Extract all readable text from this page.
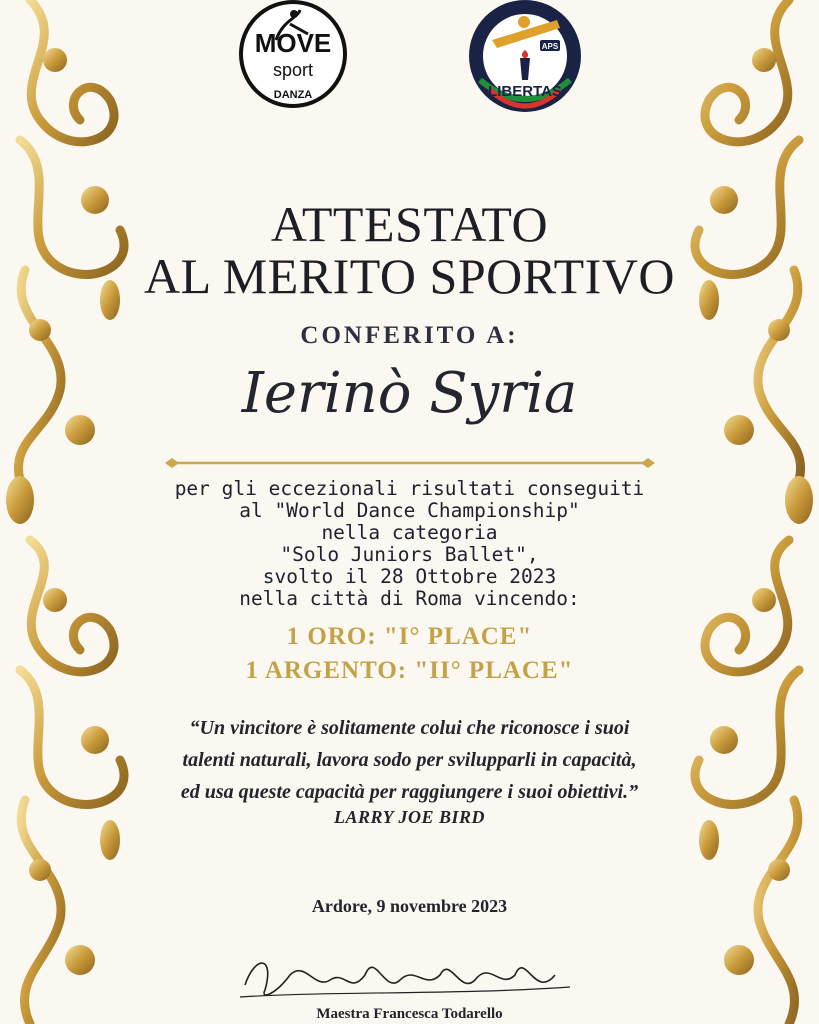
MOVE
sport
DANZA
APS
LIBERTAS
ATTESTATO
AL MERITO SPORTIVO
CONFERITO A:
Ierinò Syria
per gli eccezionali risultati conseguiti
al "World Dance Championship"
nella categoria
"Solo Juniors Ballet",
svolto il 28 Ottobre 2023
nella città di Roma vincendo:
1 ORO: "I° PLACE"
1 ARGENTO: "II° PLACE"
“Un vincitore è solitamente colui che riconosce i suoi
talenti naturali, lavora sodo per svilupparli in capacità,
ed usa queste capacità per raggiungere i suoi obiettivi.”
LARRY JOE BIRD
Ardore, 9 novembre 2023
Maestra Francesca Todarello
